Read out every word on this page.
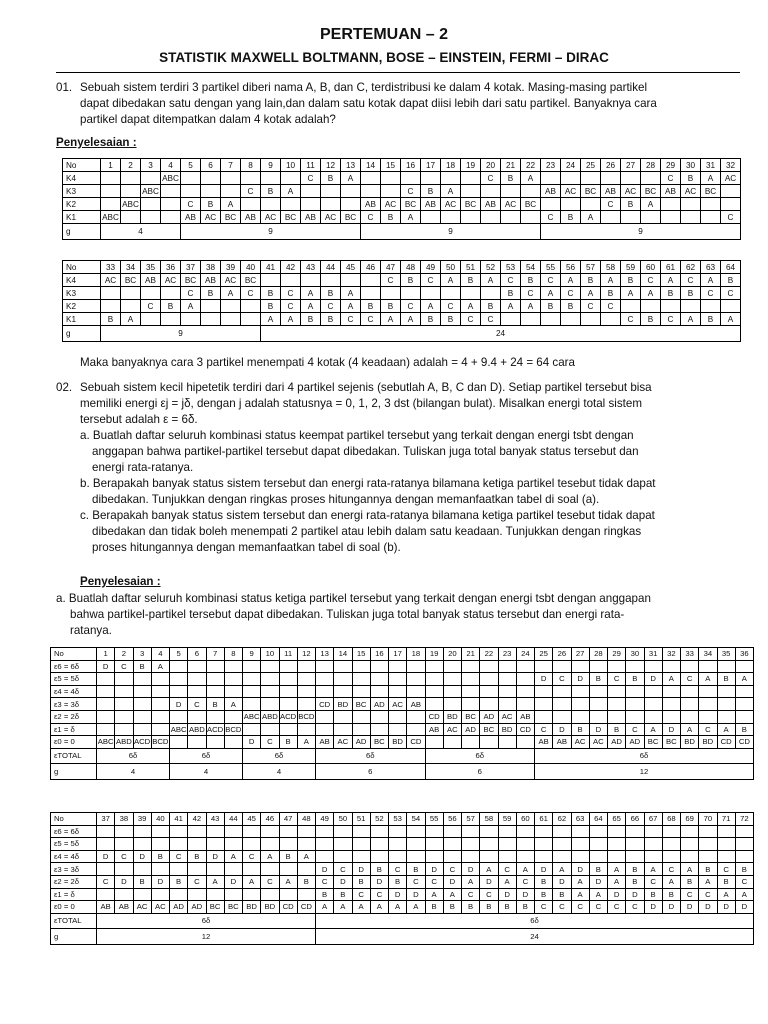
PERTEMUAN – 2
STATISTIK MAXWELL BOLTMANN, BOSE – EINSTEIN, FERMI – DIRAC
01. Sebuah sistem terdiri 3 partikel diberi nama A, B, dan C, terdistribusi ke dalam 4 kotak. Masing-masing partikel
dapat dibedakan satu dengan yang lain,dan dalam satu kotak dapat diisi lebih dari satu partikel. Banyaknya cara
partikel dapat ditempatkan dalam 4 kotak adalah?
Penyelesaian :
No	1	2	3	4	5	6	7	8	9	10	11	12	13	14	15	16	17	18	19	20	21	22	23	24	25	26	27	28	29	30	31	32
K4				ABC							C	B	A							C	B	A							C	B	A	AC
K3			ABC					C	B	A						C	B	A					AB	AC	BC	AB	AC	BC	AB	AC	BC	
K2		ABC			C	B	A							AB	AC	BC	AB	AC	BC	AB	AC	BC				C	B	A				
K1	ABC				AB	AC	BC	AB	AC	BC	AB	AC	BC	C	B	A							C	B	A							C
g	4				9									9									9									
No	33	34	35	36	37	38	39	40	41	42	43	44	45	46	47	48	49	50	51	52	53	54	55	56	57	58	59	60	61	62	63	64
K4	AC	BC	AB	AC	BC	AB	AC	BC							C	B	C	A	B	A	C	B	C	A	B	A	B	C	A	C	A	B
K3					C	B	A	C	B	C	A	B	A								B	C	A	C	A	B	A	A	B	B	C	C
K2			C	B	A				B	C	A	C	A	B	B	C	A	C	A	B	A	A	B	B	C	C						
K1	B	A							A	A	B	B	C	C	A	A	B	B	C	C							C	B	C	A	B	A
g	9								24																							
Maka banyaknya cara 3 partikel menempati 4 kotak (4 keadaan) adalah = 4 + 9.4 + 24 = 64 cara
02. Sebuah sistem kecil hipetetik terdiri dari 4 partikel sejenis (sebutlah A, B, C dan D). Setiap partikel tersebut bisa
memiliki energi εj = jδ, dengan j adalah statusnya = 0, 1, 2, 3 dst (bilangan bulat). Misalkan energi total sistem
tersebut adalah ε = 6δ.
a. Buatlah daftar seluruh kombinasi status keempat partikel tersebut yang terkait dengan energi tsbt dengan
anggapan bahwa partikel-partikel tersebut dapat dibedakan. Tuliskan juga total banyak status tersebut dan
energi rata-ratanya.
b. Berapakah banyak status sistem tersebut dan energi rata-ratanya bilamana ketiga partikel tesebut tidak dapat
dibedakan. Tunjukkan dengan ringkas proses hitungannya dengan memanfaatkan tabel di soal (a).
c. Berapakah banyak status sistem tersebut dan energi rata-ratanya bilamana ketiga partikel tesebut tidak dapat
dibedakan dan tidak boleh menempati 2 partikel atau lebih dalam satu keadaan. Tunjukkan dengan ringkas
proses hitungannya dengan memanfaatkan tabel di soal (b).
Penyelesaian :
a. Buatlah daftar seluruh kombinasi status ketiga partikel tersebut yang terkait dengan energi tsbt dengan anggapan
bahwa partikel-partikel tersebut dapat dibedakan. Tuliskan juga total banyak status tersebut dan energi rata-
ratanya.
No	1	2	3	4	5	6	7	8	9	10	11	12	13	14	15	16	17	18	19	20	21	22	23	24	25	26	27	28	29	30	31	32	33	34	35	36
ε6 = 6δ	D	C	B	A																																
ε5 = 5δ																									D	C	D	B	C	B	D	A	C	A	B	A
ε4 = 4δ																																				
ε3 = 3δ					D	C	B	A					CD	BD	BC	AD	AC	AB																		
ε2 = 2δ									ABC	ABD	ACD	BCD							CD	BD	BC	AD	AC	AB												
ε1 = δ					ABC	ABD	ACD	BCD											AB	AC	AD	BC	BD	CD	C	D	B	D	B	C	A	D	A	C	A	B
ε0 = 0	ABC	ABD	ACD	BCD					D	C	B	A	AB	AC	AD	BC	BD	CD							AB	AB	AC	AC	AD	AD	BC	BC	BD	BD	CD	CD
εTOTAL	6δ				6δ				6δ				6δ						6δ						6δ											
g	4				4				4				6						6						12											
No	37	38	39	40	41	42	43	44	45	46	47	48	49	50	51	52	53	54	55	56	57	58	59	60	61	62	63	64	65	66	67	68	69	70	71	72
ε6 = 6δ																																				
ε5 = 5δ																																				
ε4 = 4δ	D	C	D	B	C	B	D	A	C	A	B	A																								
ε3 = 3δ													D	C	D	B	C	B	D	C	D	A	C	A	D	A	D	B	A	B	A	C	A	B	C	B
ε2 = 2δ	C	D	B	D	B	C	A	D	A	C	A	B	C	D	B	D	B	C	C	D	A	D	A	C	B	D	A	D	A	B	C	A	B	A	B	C
ε1 = δ													B	B	C	C	D	D	A	A	C	C	D	D	B	B	A	A	D	D	B	B	C	C	A	A
ε0 = 0	AB	AB	AC	AC	AD	AD	BC	BC	BD	BD	CD	CD	A	A	A	A	A	A	B	B	B	B	B	B	C	C	C	C	C	C	D	D	D	D	D	D
εTOTAL	6δ												6δ																							
g	12												24																							
